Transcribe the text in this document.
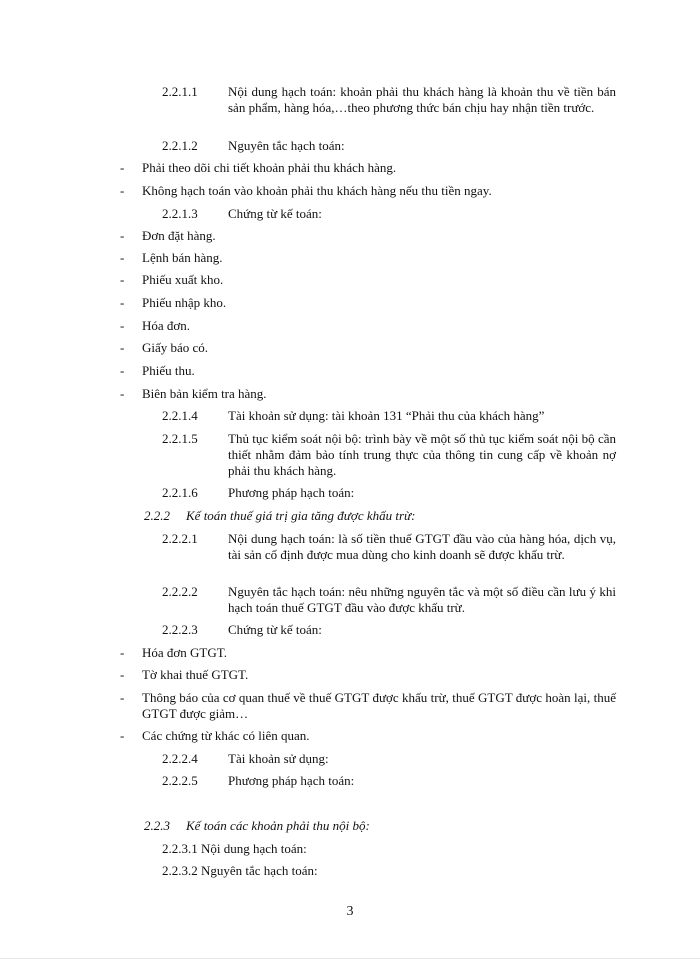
2.2.1.1 Nội dung hạch toán: khoản phải thu khách hàng là khoản thu về tiền bán sản phẩm, hàng hóa,…theo phương thức bán chịu hay nhận tiền trước.
2.2.1.2 Nguyên tắc hạch toán:
- Phải theo dõi chi tiết khoản phải thu khách hàng.
- Không hạch toán vào khoản phải thu khách hàng nếu thu tiền ngay.
2.2.1.3 Chứng từ kế toán:
- Đơn đặt hàng.
- Lệnh bán hàng.
- Phiếu xuất kho.
- Phiếu nhập kho.
- Hóa đơn.
- Giấy báo có.
- Phiếu thu.
- Biên bản kiểm tra hàng.
2.2.1.4 Tài khoản sử dụng: tài khoản 131 “Phải thu của khách hàng”
2.2.1.5 Thủ tục kiểm soát nội bộ: trình bày về một số thủ tục kiểm soát nội bộ cần thiết nhằm đảm bảo tính trung thực của thông tin cung cấp về khoản nợ phải thu khách hàng.
2.2.1.6 Phương pháp hạch toán:
2.2.2 Kế toán thuế giá trị gia tăng được khấu trừ:
2.2.2.1 Nội dung hạch toán: là số tiền thuế GTGT đầu vào của hàng hóa, dịch vụ, tài sản cố định được mua dùng cho kinh doanh sẽ được khấu trừ.
2.2.2.2 Nguyên tắc hạch toán: nêu những nguyên tắc và một số điều cần lưu ý khi hạch toán thuế GTGT đầu vào được khấu trừ.
2.2.2.3 Chứng từ kế toán:
- Hóa đơn GTGT.
- Tờ khai thuế GTGT.
- Thông báo của cơ quan thuế về thuế GTGT được khấu trừ, thuế GTGT được hoàn lại, thuế GTGT được giảm…
- Các chứng từ khác có liên quan.
2.2.2.4 Tài khoản sử dụng:
2.2.2.5 Phương pháp hạch toán:
2.2.3 Kế toán các khoản phải thu nội bộ:
2.2.3.1 Nội dung hạch toán:
2.2.3.2 Nguyên tắc hạch toán:
3
